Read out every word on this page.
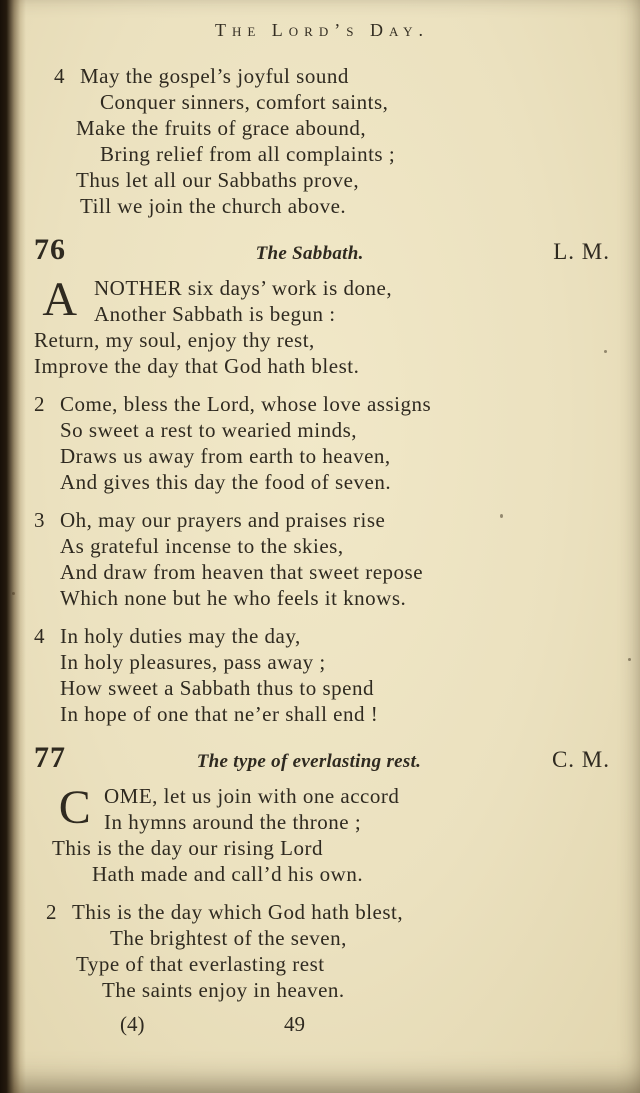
The Lord’s Day.
4 May the gospel’s joyful sound
Conquer sinners, comfort saints,
Make the fruits of grace abound,
Bring relief from all complaints ;
Thus let all our Sabbaths prove,
Till we join the church above.
76	The Sabbath.	L. M.
A NOTHER six days’ work is done,
Another Sabbath is begun :
Return, my soul, enjoy thy rest,
Improve the day that God hath blest.
2 Come, bless the Lord, whose love assigns
So sweet a rest to wearied minds,
Draws us away from earth to heaven,
And gives this day the food of seven.
3 Oh, may our prayers and praises rise
As grateful incense to the skies,
And draw from heaven that sweet repose
Which none but he who feels it knows.
4 In holy duties may the day,
In holy pleasures, pass away ;
How sweet a Sabbath thus to spend
In hope of one that ne’er shall end !
77	The type of everlasting rest.	C. M.
C OME, let us join with one accord
In hymns around the throne ;
This is the day our rising Lord
Hath made and call’d his own.
2 This is the day which God hath blest,
The brightest of the seven,
Type of that everlasting rest
The saints enjoy in heaven.
(4)	49
